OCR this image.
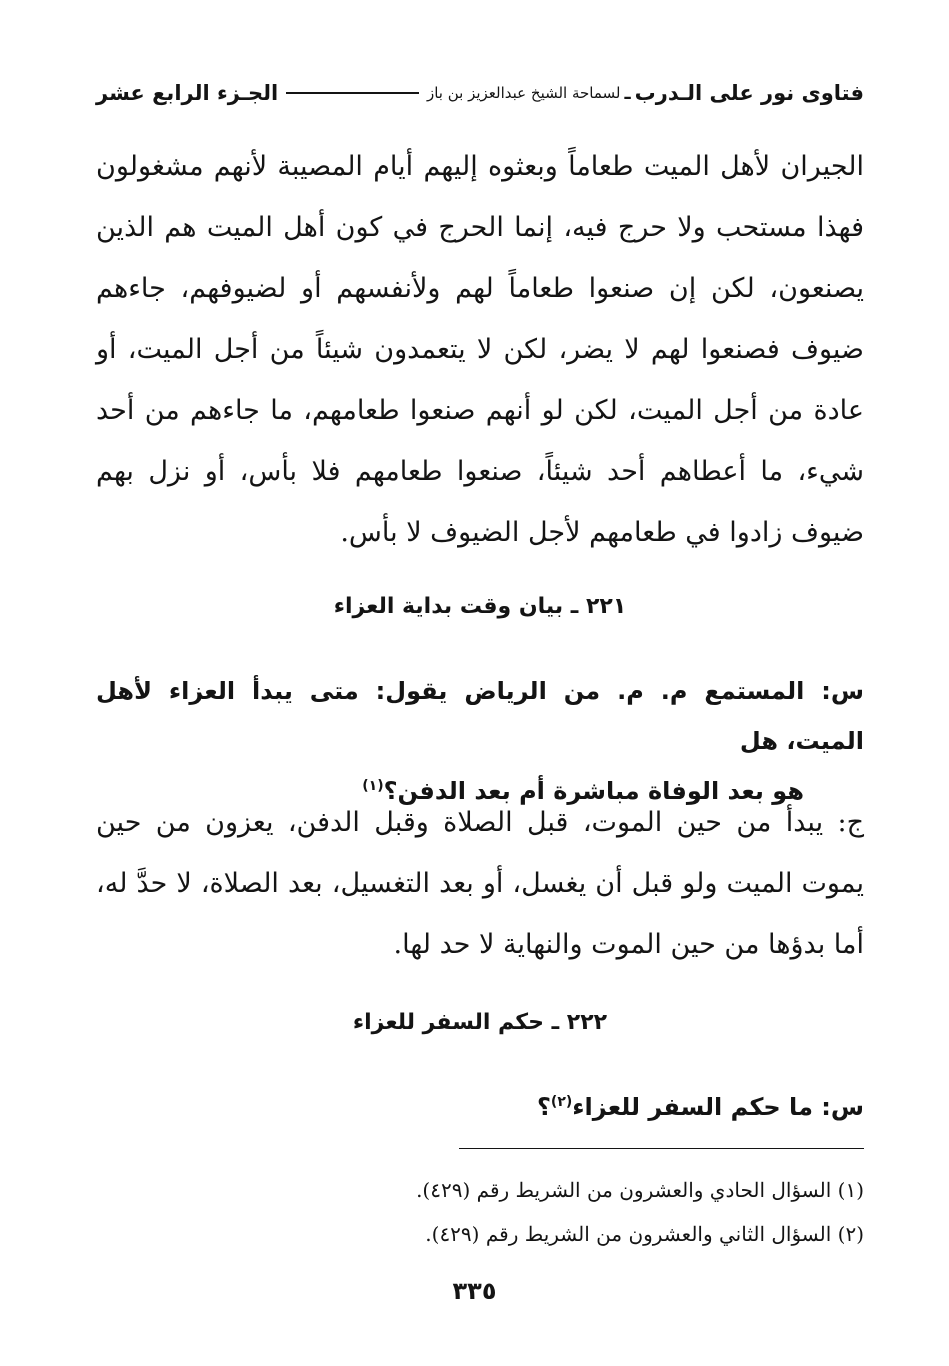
فتاوى نور على الـدرب
ـ
لسماحة الشيخ عبدالعزيز بن باز
الجـزء الرابع عشر
الجيران لأهل الميت طعاماً وبعثوه إليهم أيام المصيبة لأنهم مشغولون فهذا مستحب ولا حرج فيه، إنما الحرج في كون أهل الميت هم الذين يصنعون، لكن إن صنعوا طعاماً لهم ولأنفسهم أو لضيوفهم، جاءهم ضيوف فصنعوا لهم لا يضر، لكن لا يتعمدون شيئاً من أجل الميت، أو عادة من أجل الميت، لكن لو أنهم صنعوا طعامهم، ما جاءهم من أحد شيء، ما أعطاهم أحد شيئاً، صنعوا طعامهم فلا بأس، أو نزل بهم ضيوف زادوا في طعامهم لأجل الضيوف لا بأس.
٢٢١ ـ بيان وقت بداية العزاء
س: المستمع م. م. من الرياض يقول: متى يبدأ العزاء لأهل الميت، هل
هو بعد الوفاة مباشرة أم بعد الدفن؟$^{(١)}$
ج: يبدأ من حين الموت، قبل الصلاة وقبل الدفن، يعزون من حين يموت الميت ولو قبل أن يغسل، أو بعد التغسيل، بعد الصلاة، لا حدَّ له، أما بدؤها من حين الموت والنهاية لا حد لها.
٢٢٢ ـ حكم السفر للعزاء
س: ما حكم السفر للعزاء$^{(٢)}$؟
(١) السؤال الحادي والعشرون من الشريط رقم (٤٢٩).
(٢) السؤال الثاني والعشرون من الشريط رقم (٤٢٩).
٣٣٥
